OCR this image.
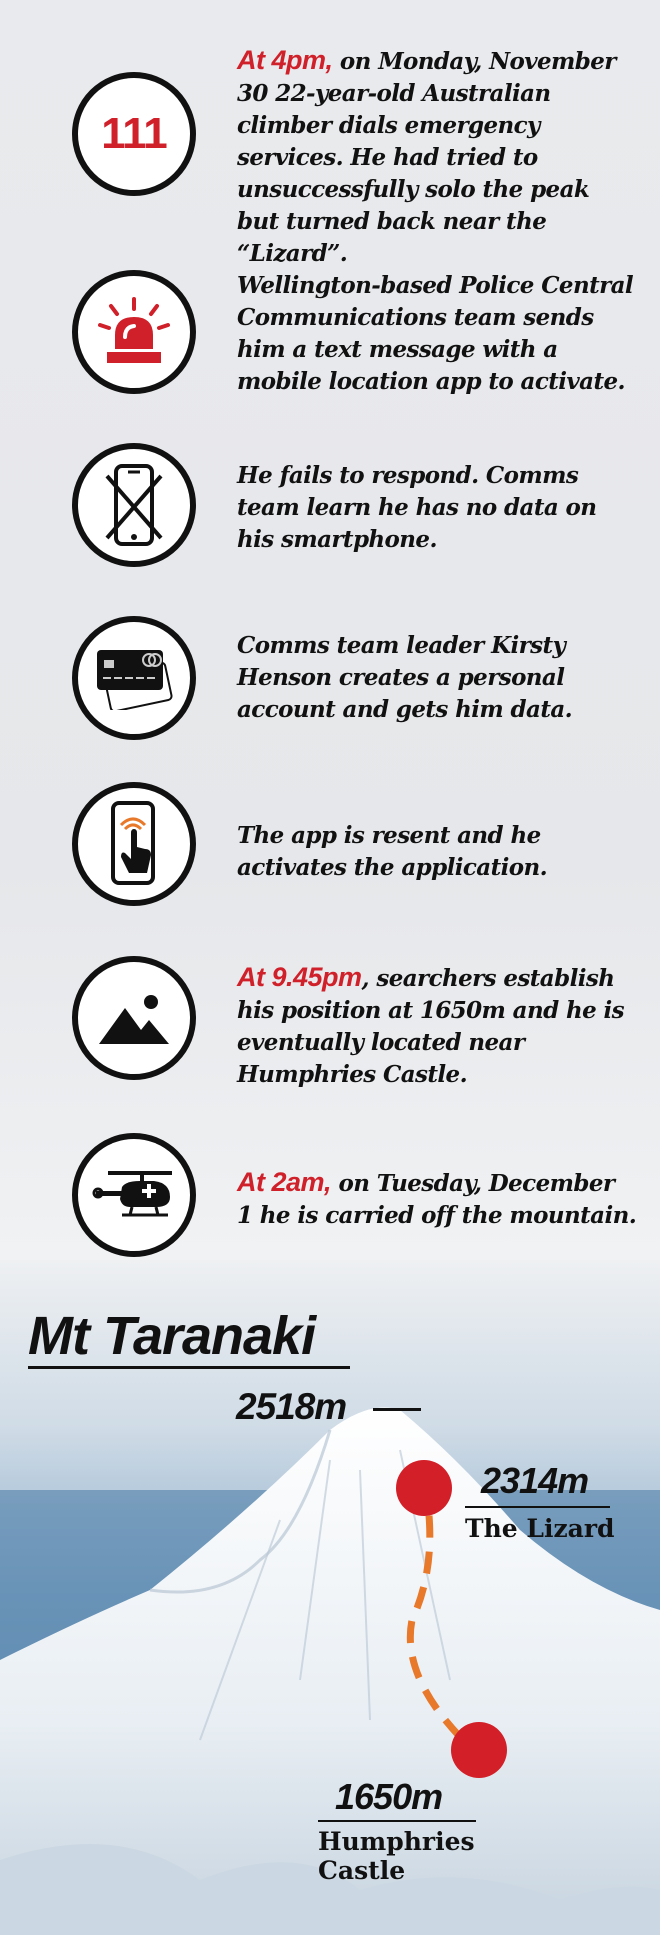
111

At 4pm, on Monday, November 30 22-year-old Australian climber dials emergency services. He had tried to unsuccessfully solo the peak but turned back near the “Lizard”.

Wellington-based Police Central Communications team sends him a text message with a mobile location app to activate.

He fails to respond. Comms team learn he has no data on his smartphone.

Comms team leader Kirsty Henson creates a personal account and gets him data.

The app is resent and he activates the application.

At 9.45pm, searchers establish his position at 1650m and he is eventually located near Humphries Castle.

At 2am, on Tuesday, December 1 he is carried off the mountain.

Mt Taranaki
2518m
2314m
The Lizard
1650m
Humphries
Castle
